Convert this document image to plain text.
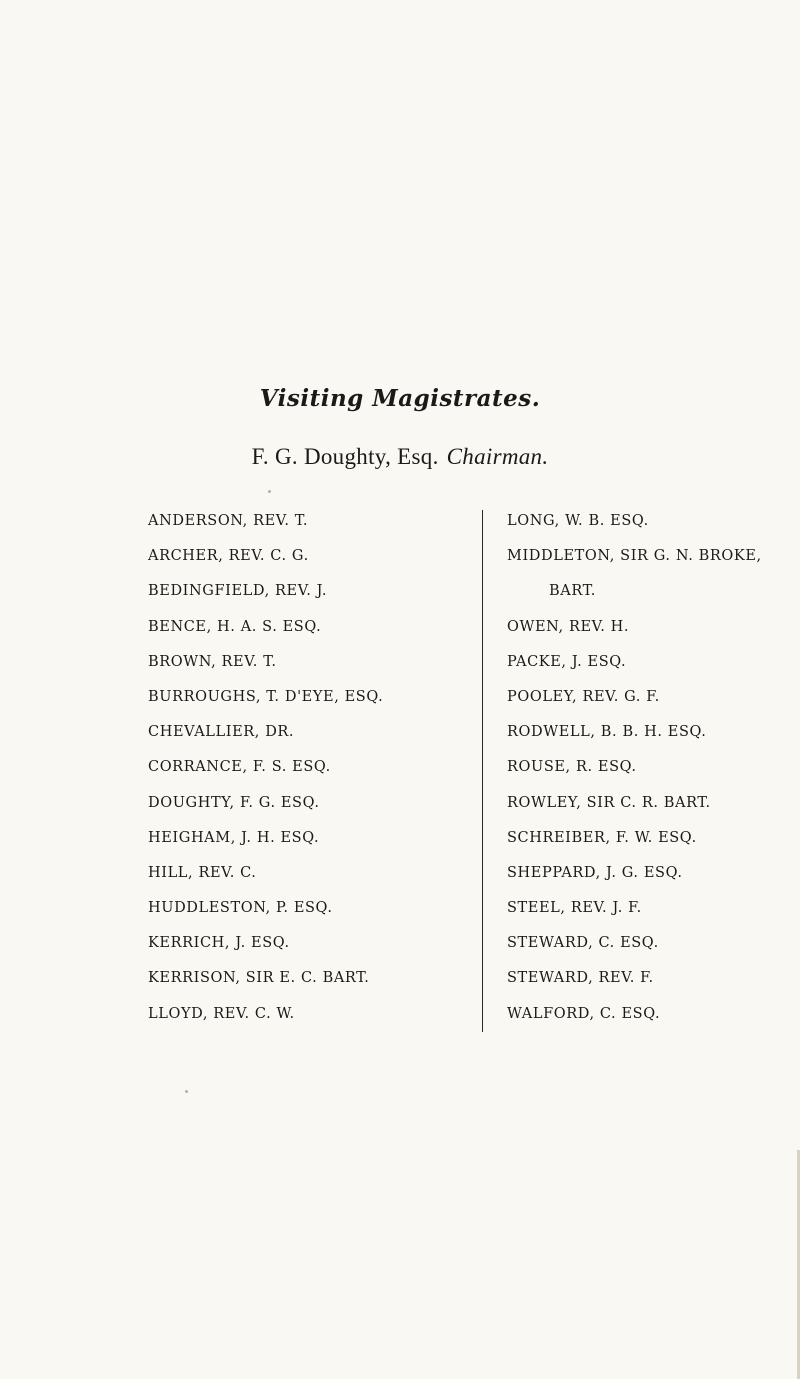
Visiting Magistrates.
F. G. Doughty, Esq. Chairman.
ANDERSON, REV. T.
ARCHER, REV. C. G.
BEDINGFIELD, REV. J.
BENCE, H. A. S. ESQ.
BROWN, REV. T.
BURROUGHS, T. D'EYE, ESQ.
CHEVALLIER, DR.
CORRANCE, F. S. ESQ.
DOUGHTY, F. G. ESQ.
HEIGHAM, J. H. ESQ.
HILL, REV. C.
HUDDLESTON, P. ESQ.
KERRICH, J. ESQ.
KERRISON, SIR E. C. BART.
LLOYD, REV. C. W.
LONG, W. B. ESQ.
MIDDLETON, SIR G. N. BROKE,
BART.
OWEN, REV. H.
PACKE, J. ESQ.
POOLEY, REV. G. F.
RODWELL, B. B. H. ESQ.
ROUSE, R. ESQ.
ROWLEY, SIR C. R. BART.
SCHREIBER, F. W. ESQ.
SHEPPARD, J. G. ESQ.
STEEL, REV. J. F.
STEWARD, C. ESQ.
STEWARD, REV. F.
WALFORD, C. ESQ.
